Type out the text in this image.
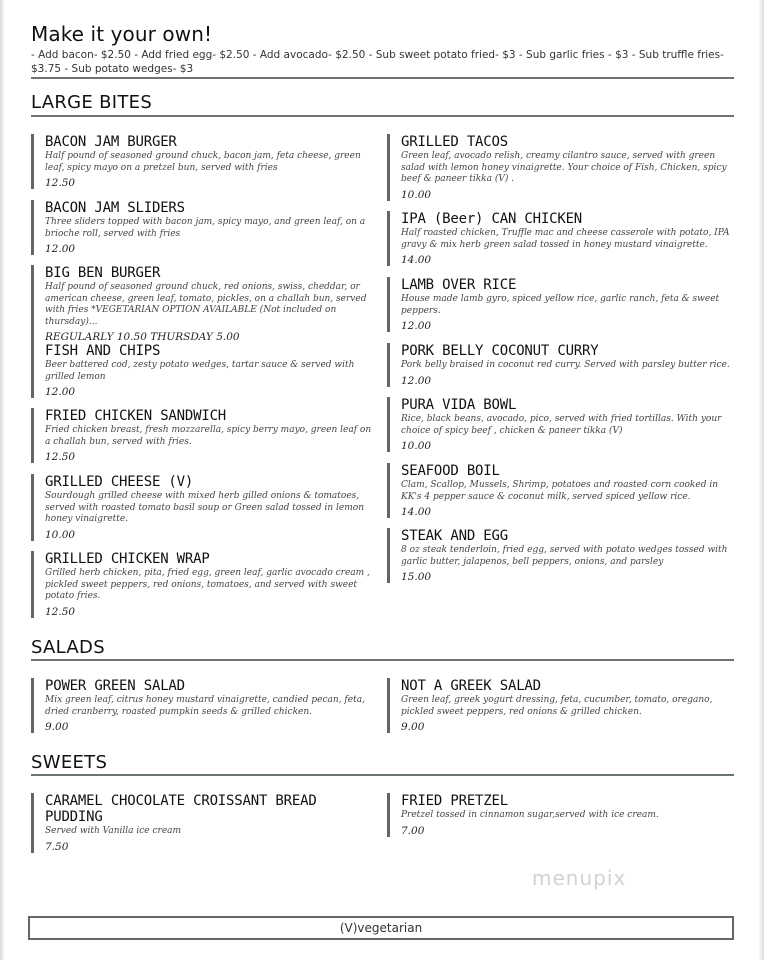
Make it your own!
- Add bacon- $2.50 - Add fried egg- $2.50 - Add avocado- $2.50 - Sub sweet potato fried- $3 - Sub garlic fries - $3 - Sub truffle fries- $3.75 - Sub potato wedges- $3
LARGE BITES
BACON JAM BURGER
Half pound of seasoned ground chuck, bacon jam, feta cheese, green leaf, spicy mayo on a pretzel bun, served with fries
12.50
BACON JAM SLIDERS
Three sliders topped with bacon jam, spicy mayo, and green leaf, on a brioche roll, served with fries
12.00
BIG BEN BURGER
Half pound of seasoned ground chuck, red onions, swiss, cheddar, or american cheese, green leaf, tomato, pickles, on a challah bun, served with fries *VEGETARIAN OPTION AVAILABLE (Not included on thursday)...
REGULARLY 10.50 THURSDAY 5.00
FISH AND CHIPS
Beer battered cod, zesty potato wedges, tartar sauce & served with grilled lemon
12.00
FRIED CHICKEN SANDWICH
Fried chicken breast, fresh mozzarella, spicy berry mayo, green leaf on a challah bun, served with fries.
12.50
GRILLED CHEESE (V)
Sourdough grilled cheese with mixed herb gilled onions & tomatoes, served with roasted tomato basil soup or Green salad tossed in lemon honey vinaigrette.
10.00
GRILLED CHICKEN WRAP
Grilled herb chicken, pita, fried egg, green leaf, garlic avocado cream , pickled sweet peppers, red onions, tomatoes, and served with sweet potato fries.
12.50
GRILLED TACOS
Green leaf, avocado relish, creamy cilantro sauce, served with green salad with lemon honey vinaigrette. Your choice of Fish, Chicken, spicy beef & paneer tikka (V) .
10.00
IPA (Beer) CAN CHICKEN
Half roasted chicken, Truffle mac and cheese casserole with potato, IPA gravy & mix herb green salad tossed in honey mustard vinaigrette.
14.00
LAMB OVER RICE
House made lamb gyro, spiced yellow rice, garlic ranch, feta & sweet peppers.
12.00
PORK BELLY COCONUT CURRY
Pork belly braised in coconut red curry. Served with parsley butter rice.
12.00
PURA VIDA BOWL
Rice, black beans, avocado, pico, served with fried tortillas. With your choice of spicy beef , chicken & paneer tikka (V)
10.00
SEAFOOD BOIL
Clam, Scallop, Mussels, Shrimp, potatoes and roasted corn cooked in KK's 4 pepper sauce & coconut milk, served spiced yellow rice.
14.00
STEAK AND EGG
8 oz steak tenderloin, fried egg, served with potato wedges tossed with garlic butter, jalapenos, bell peppers, onions, and parsley
15.00
SALADS
POWER GREEN SALAD
Mix green leaf, citrus honey mustard vinaigrette, candied pecan, feta, dried cranberry, roasted pumpkin seeds & grilled chicken.
9.00
NOT A GREEK SALAD
Green leaf, greek yogurt dressing, feta, cucumber, tomato, oregano, pickled sweet peppers, red onions & grilled chicken.
9.00
SWEETS
CARAMEL CHOCOLATE CROISSANT BREAD PUDDING
Served with Vanilla ice cream
7.50
FRIED PRETZEL
Pretzel tossed in cinnamon sugar,served with ice cream.
7.00
menupix
(V)vegetarian
